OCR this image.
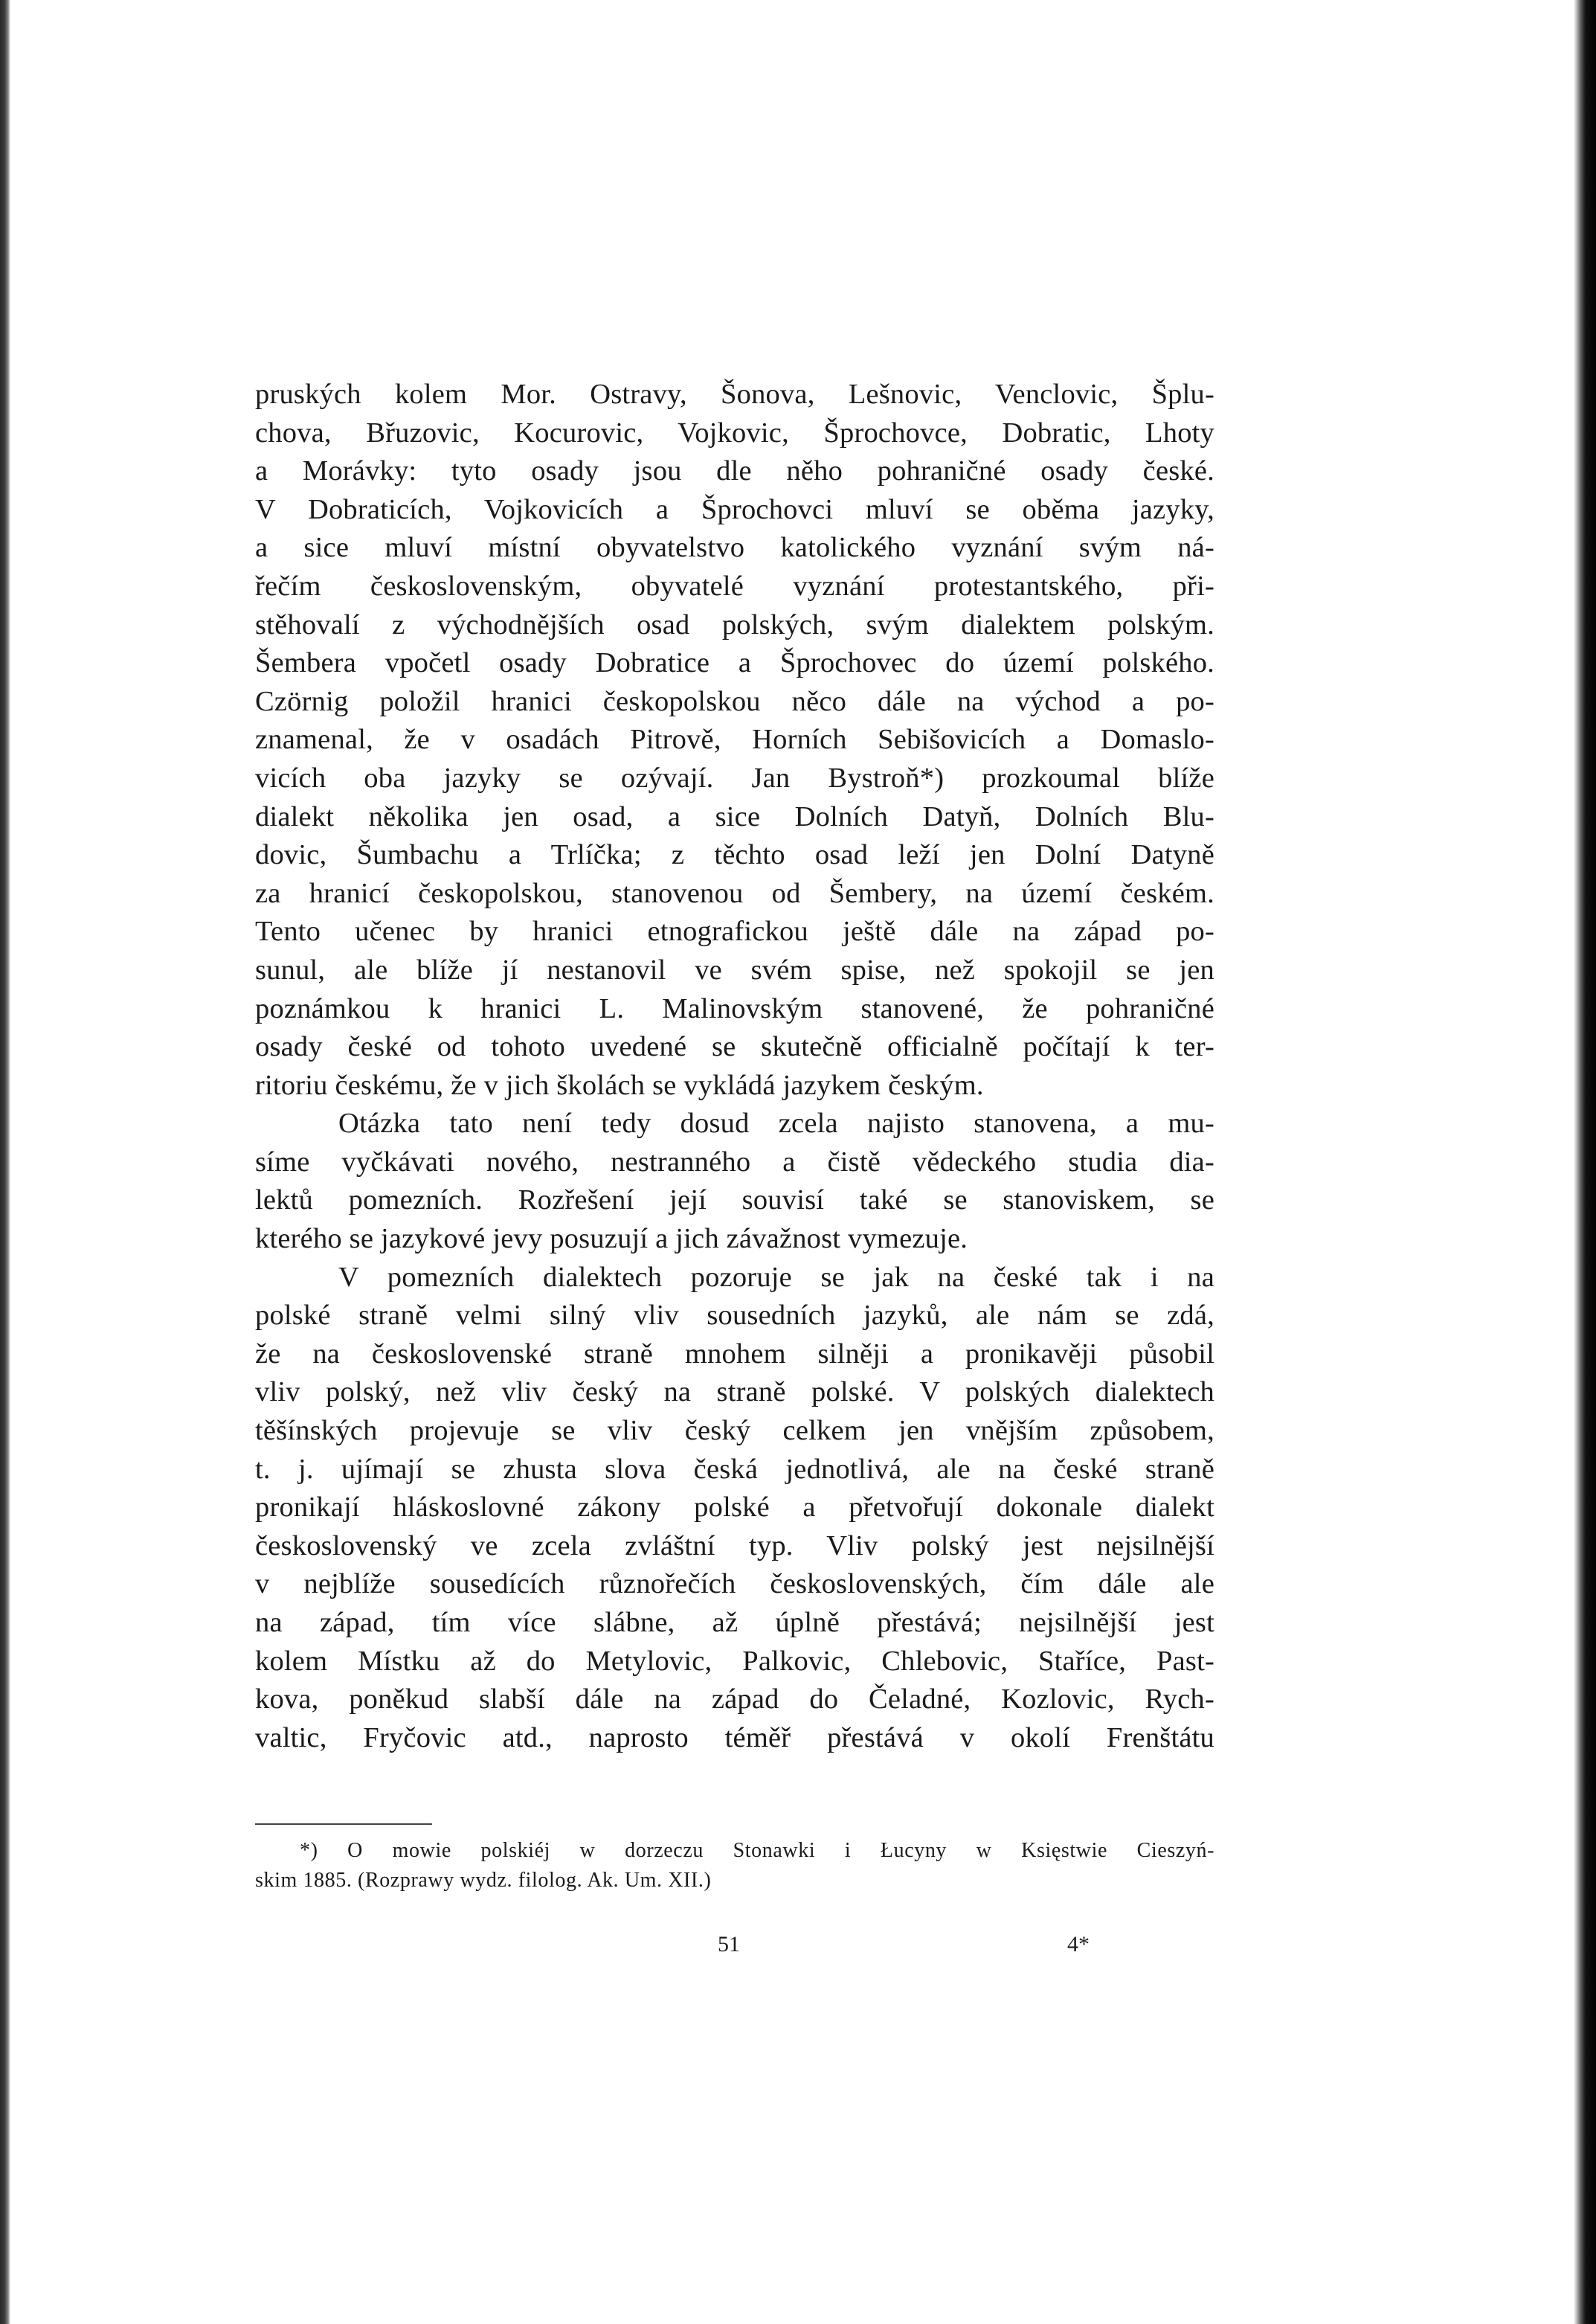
pruských kolem Mor. Ostravy, Šonova, Lešnovic, Venclovic, Šplu-
chova, Břuzovic, Kocurovic, Vojkovic, Šprochovce, Dobratic, Lhoty
a Morávky: tyto osady jsou dle něho pohraničné osady české.
V Dobraticích, Vojkovicích a Šprochovci mluví se oběma jazyky,
a sice mluví místní obyvatelstvo katolického vyznání svým ná-
řečím československým, obyvatelé vyznání protestantského, při-
stěhovalí z východnějších osad polských, svým dialektem polským.
Šembera vpočetl osady Dobratice a Šprochovec do území polského.
Czörnig položil hranici českopolskou něco dále na východ a po-
znamenal, že v osadách Pitrově, Horních Sebišovicích a Domaslo-
vicích oba jazyky se ozývají. Jan Bystroň*) prozkoumal blíže
dialekt několika jen osad, a sice Dolních Datyň, Dolních Blu-
dovic, Šumbachu a Trlíčka; z těchto osad leží jen Dolní Datyně
za hranicí českopolskou, stanovenou od Šembery, na území českém.
Tento učenec by hranici etnografickou ještě dále na západ po-
sunul, ale blíže jí nestanovil ve svém spise, než spokojil se jen
poznámkou k hranici L. Malinovským stanovené, že pohraničné
osady české od tohoto uvedené se skutečně officialně počítají k ter-
ritoriu českému, že v jich školách se vykládá jazykem českým.
Otázka tato není tedy dosud zcela najisto stanovena, a mu-
síme vyčkávati nového, nestranného a čistě vědeckého studia dia-
lektů pomezních. Rozřešení její souvisí také se stanoviskem, se
kterého se jazykové jevy posuzují a jich závažnost vymezuje.
V pomezních dialektech pozoruje se jak na české tak i na
polské straně velmi silný vliv sousedních jazyků, ale nám se zdá,
že na československé straně mnohem silněji a pronikavěji působil
vliv polský, než vliv český na straně polské. V polských dialektech
těšínských projevuje se vliv český celkem jen vnějším způsobem,
t. j. ujímají se zhusta slova česká jednotlivá, ale na české straně
pronikají hláskoslovné zákony polské a přetvořují dokonale dialekt
československý ve zcela zvláštní typ. Vliv polský jest nejsilnější
v nejblíže sousedících různořečích československých, čím dále ale
na západ, tím více slábne, až úplně přestává; nejsilnější jest
kolem Místku až do Metylovic, Palkovic, Chlebovic, Staříce, Past-
kova, poněkud slabší dále na západ do Čeladné, Kozlovic, Rych-
valtic, Fryčovic atd., naprosto téměř přestává v okolí Frenštátu
*) O mowie polskiéj w dorzeczu Stonawki i Łucyny w Księstwie Cieszyń-
skim 1885. (Rozprawy wydz. filolog. Ak. Um. XII.)
51	4*
